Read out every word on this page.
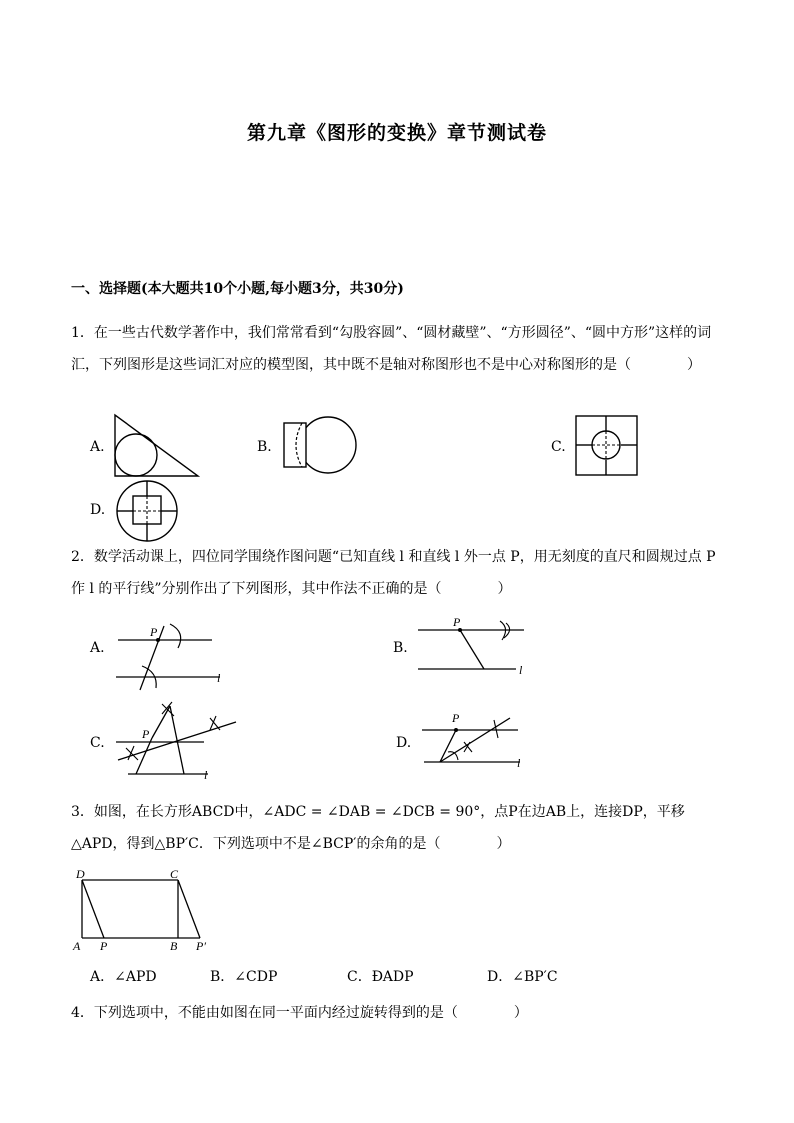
第九章《图形的变换》章节测试卷
一、选择题(本大题共10个小题,每小题3分，共30分)
1．在一些古代数学著作中，我们常常看到“勾股容圆”、“圆材藏壁”、“方形圆径”、“圆中方形”这样的词汇，下列图形是这些词汇对应的模型图，其中既不是轴对称图形也不是中心对称图形的是（　　　　）
A.	B.	C.
D.
2．数学活动课上，四位同学围绕作图问题“已知直线 l 和直线 l 外一点 P，用无刻度的直尺和圆规过点 P 作 l 的平行线”分别作出了下列图形，其中作法不正确的是（　　　　）
A.
P
l
B.
P
l
C.
P
l
D.
P
l
3．如图，在长方形ABCD中，∠ADC = ∠DAB = ∠DCB = 90°，点P在边AB上，连接DP，平移△APD，得到△BP′C．下列选项中不是∠BCP′的余角的是（　　　　）
D	C
A P	B P′
A．∠APD	B．∠CDP	C．ÐADP	D．∠BP′C
4．下列选项中，不能由如图在同一平面内经过旋转得到的是（　　　　）
